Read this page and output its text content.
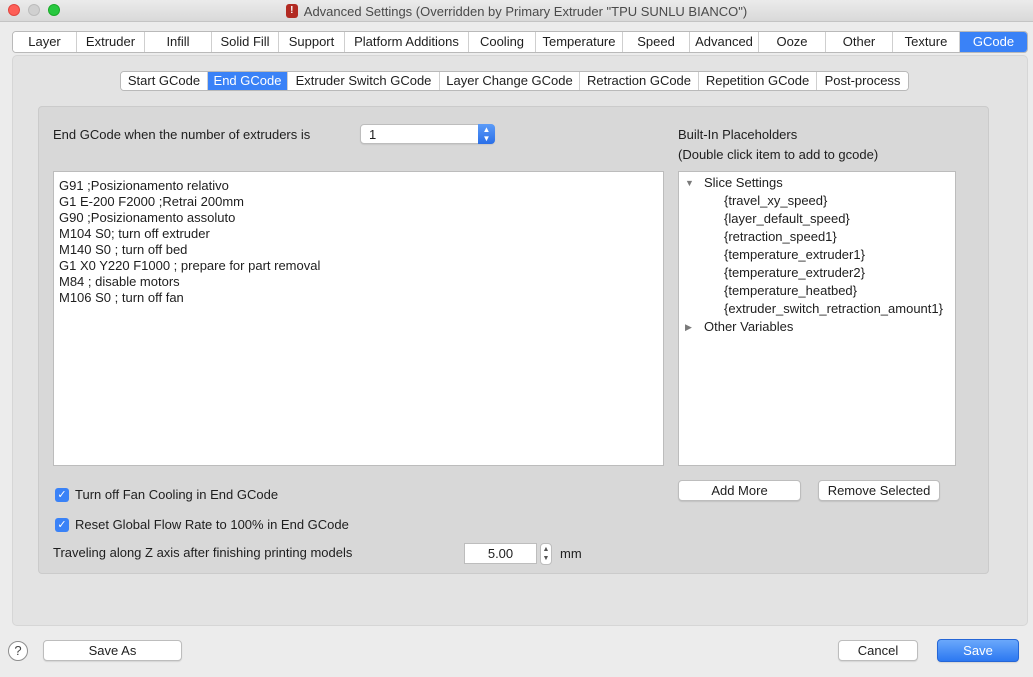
! Advanced Settings (Overridden by Primary Extruder "TPU SUNLU BIANCO")
Layer	Extruder	Infill	Solid Fill	Support	Platform Additions	Cooling	Temperature	Speed	Advanced	Ooze	Other	Texture	GCode
Start GCode	End GCode	Extruder Switch GCode	Layer Change GCode	Retraction GCode	Repetition GCode	Post-process
End GCode when the number of extruders is	1	▲
▼
G91 ;Posizionamento relativo
G1 E-200 F2000 ;Retrai 200mm
G90 ;Posizionamento assoluto
M104 S0; turn off extruder
M140 S0 ; turn off bed
G1 X0 Y220 F1000 ; prepare for part removal
M84 ; disable motors
M106 S0 ; turn off fan
Built-In Placeholders
(Double click item to add to gcode)
▼ Slice Settings
{travel_xy_speed}
{layer_default_speed}
{retraction_speed1}
{temperature_extruder1}
{temperature_extruder2}
{temperature_heatbed}
{extruder_switch_retraction_amount1}
▶ Other Variables
Add More	Remove Selected
✓ Turn off Fan Cooling in End GCode
✓ Reset Global Flow Rate to 100% in End GCode
Traveling along Z axis after finishing printing models	5.00	▲
▼ mm
?	Save As	Cancel	Save
